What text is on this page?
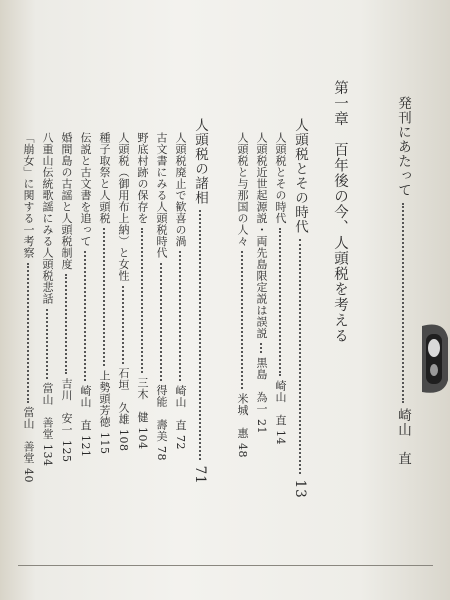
発刊にあたって  崎山　直
第一章　百年後の今、人頭税を考える
人頭税とその時代  13
人頭税とその時代  崎山　直 14
人頭税近世起源説・両先島限定説は誤説  黒島　為一 21
人頭税と与那国の人々  米城　惠 48
人頭税の諸相  71
人頭税廃止で歓喜の渦  崎山　直 72
古文書にみる人頭税時代  得能　壽美 78
野底村跡の保存を  三木　健 104
人頭税（御用布上納）と女性  石垣　久雄 108
種子取祭と人頭税  上勢頭芳徳 115
伝説と古文書を追って  崎山　直 121
婚間島の古謡と人頭税制度  吉川　安一 125
八重山伝統歌謡にみる人頭税悲話  當山　善堂 134
「崩女」に関する一考察  當山　善堂 40
